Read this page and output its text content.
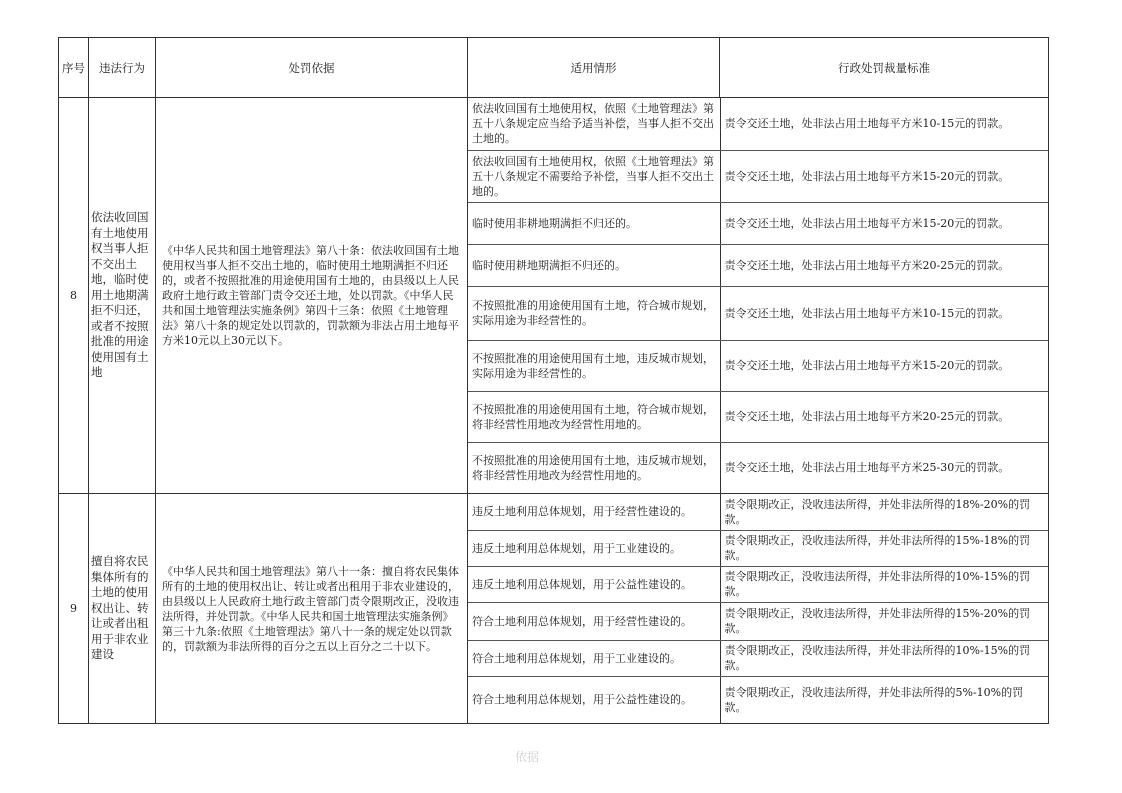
序号	违法行为	处罚依据	适用情形	行政处罚裁量标准
8	依法收回国有土地使用权当事人拒不交出土地，临时使用土地期满拒不归还，或者不按照批准的用途使用国有土地	《中华人民共和国土地管理法》第八十条：依法收回国有土地使用权当事人拒不交出土地的，临时使用土地期满拒不归还的，或者不按照批准的用途使用国有土地的，由县级以上人民政府土地行政主管部门责令交还土地，处以罚款。《中华人民共和国土地管理法实施条例》第四十三条：依照《土地管理法》第八十条的规定处以罚款的，罚款额为非法占用土地每平方米10元以上30元以下。	
依法收回国有土地使用权，依照《土地管理法》第五十八条规定应当给予适当补偿，当事人拒不交出土地的。	责令交还土地，处非法占用土地每平方米10-15元的罚款。
依法收回国有土地使用权，依照《土地管理法》第五十八条规定不需要给予补偿，当事人拒不交出土地的。	责令交还土地，处非法占用土地每平方米15-20元的罚款。
临时使用非耕地期满拒不归还的。	责令交还土地，处非法占用土地每平方米15-20元的罚款。
临时使用耕地期满拒不归还的。	责令交还土地，处非法占用土地每平方米20-25元的罚款。
不按照批准的用途使用国有土地，符合城市规划，实际用途为非经营性的。	责令交还土地，处非法占用土地每平方米10-15元的罚款。
不按照批准的用途使用国有土地，违反城市规划，实际用途为非经营性的。	责令交还土地，处非法占用土地每平方米15-20元的罚款。
不按照批准的用途使用国有土地，符合城市规划，将非经营性用地改为经营性用地的。	责令交还土地，处非法占用土地每平方米20-25元的罚款。
不按照批准的用途使用国有土地，违反城市规划，将非经营性用地改为经营性用地的。	责令交还土地，处非法占用土地每平方米25-30元的罚款。

9	擅自将农民集体所有的土地的使用权出让、转让或者出租用于非农业建设	《中华人民共和国土地管理法》第八十一条：擅自将农民集体所有的土地的使用权出让、转让或者出租用于非农业建设的，由县级以上人民政府土地行政主管部门责令限期改正，没收违法所得，并处罚款。《中华人民共和国土地管理法实施条例》第三十九条:依照《土地管理法》第八十一条的规定处以罚款的，罚款额为非法所得的百分之五以上百分之二十以下。	
违反土地利用总体规划，用于经营性建设的。	责令限期改正，没收违法所得，并处非法所得的18%-20%的罚款。
违反土地利用总体规划，用于工业建设的。	责令限期改正，没收违法所得，并处非法所得的15%-18%的罚款。
违反土地利用总体规划，用于公益性建设的。	责令限期改正，没收违法所得，并处非法所得的10%-15%的罚款。
符合土地利用总体规划，用于经营性建设的。	责令限期改正，没收违法所得，并处非法所得的15%-20%的罚款。
符合土地利用总体规划，用于工业建设的。	责令限期改正，没收违法所得，并处非法所得的10%-15%的罚款。
符合土地利用总体规划，用于公益性建设的。	责令限期改正，没收违法所得，并处非法所得的5%-10%的罚款。
依据
